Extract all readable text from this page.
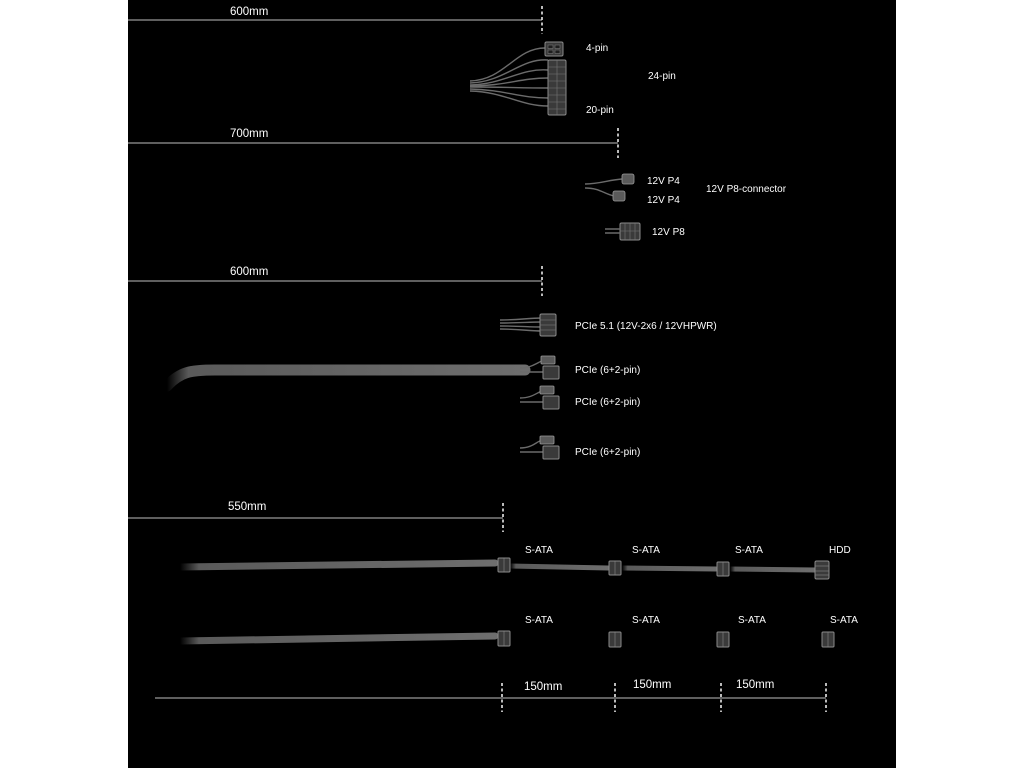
600mm
4-pin
24-pin
20-pin
700mm
12V P4
12V P4
12V P8-connector
12V P8
600mm
PCIe 5.1 (12V-2x6 / 12VHPWR)
PCIe (6+2-pin)
PCIe (6+2-pin)
PCIe (6+2-pin)
550mm
S-ATA	S-ATA	S-ATA	HDD
S-ATA	S-ATA	S-ATA	S-ATA
150mm	150mm	150mm
